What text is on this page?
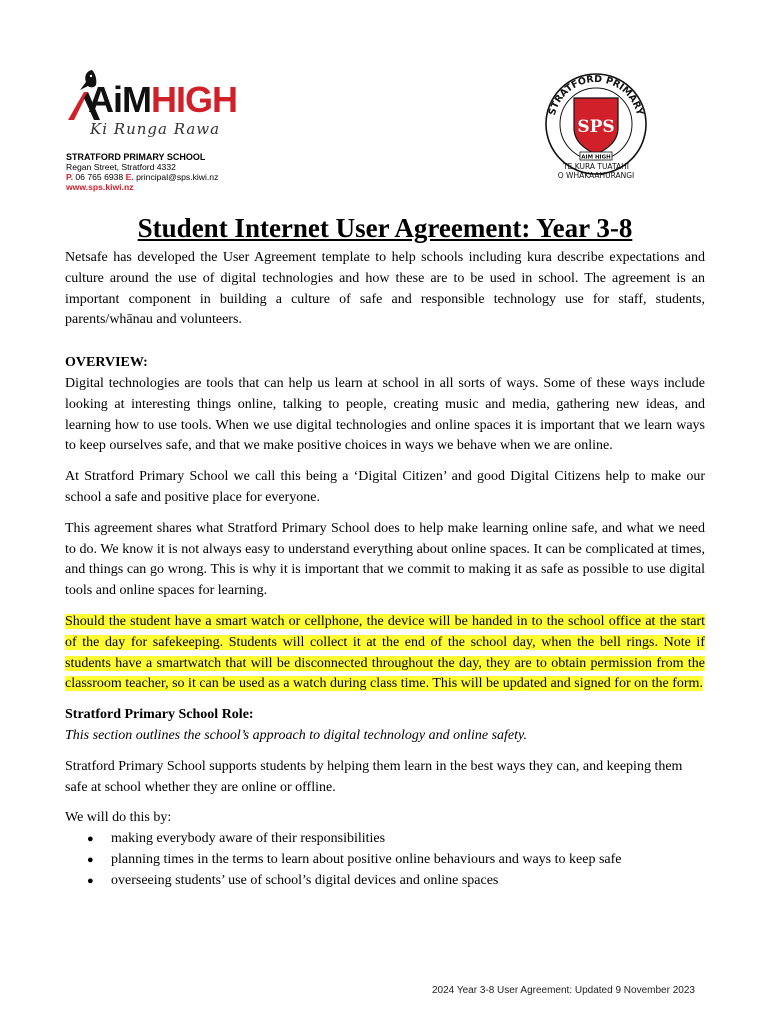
AiMHIGH
Ki Runga Rawa
STRATFORD PRIMARY SCHOOL
Regan Street, Stratford 4332
P. 06 765 6938 E. principal@sps.kiwi.nz
www.sps.kiwi.nz
STRATFORD PRIMARY
SPS
AIM HIGH
TE KURA TUATAHI
O WHAKAAHURANGI
Student Internet User Agreement: Year 3-8

Netsafe has developed the User Agreement template to help schools including kura describe expectations and culture around the use of digital technologies and how these are to be used in school. The agreement is an important component in building a culture of safe and responsible technology use for staff, students, parents/whānau and volunteers.

OVERVIEW:

Digital technologies are tools that can help us learn at school in all sorts of ways. Some of these ways include looking at interesting things online, talking to people, creating music and media, gathering new ideas, and learning how to use tools. When we use digital technologies and online spaces it is important that we learn ways to keep ourselves safe, and that we make positive choices in ways we behave when we are online.

At Stratford Primary School we call this being a ‘Digital Citizen’ and good Digital Citizens help to make our school a safe and positive place for everyone.

This agreement shares what Stratford Primary School does to help make learning online safe, and what we need to do. We know it is not always easy to understand everything about online spaces. It can be complicated at times, and things can go wrong. This is why it is important that we commit to making it as safe as possible to use digital tools and online spaces for learning.

Should the student have a smart watch or cellphone, the device will be handed in to the school office at the start of the day for safekeeping. Students will collect it at the end of the school day, when the bell rings. Note if students have a smartwatch that will be disconnected throughout the day, they are to obtain permission from the classroom teacher, so it can be used as a watch during class time. This will be updated and signed for on the form.

Stratford Primary School Role:
This section outlines the school’s approach to digital technology and online safety.

Stratford Primary School supports students by helping them learn in the best ways they can, and keeping them safe at school whether they are online or offline.

We will do this by:
● making everybody aware of their responsibilities
● planning times in the terms to learn about positive online behaviours and ways to keep safe
● overseeing students’ use of school’s digital devices and online spaces
2024 Year 3-8 User Agreement: Updated 9 November 2023
